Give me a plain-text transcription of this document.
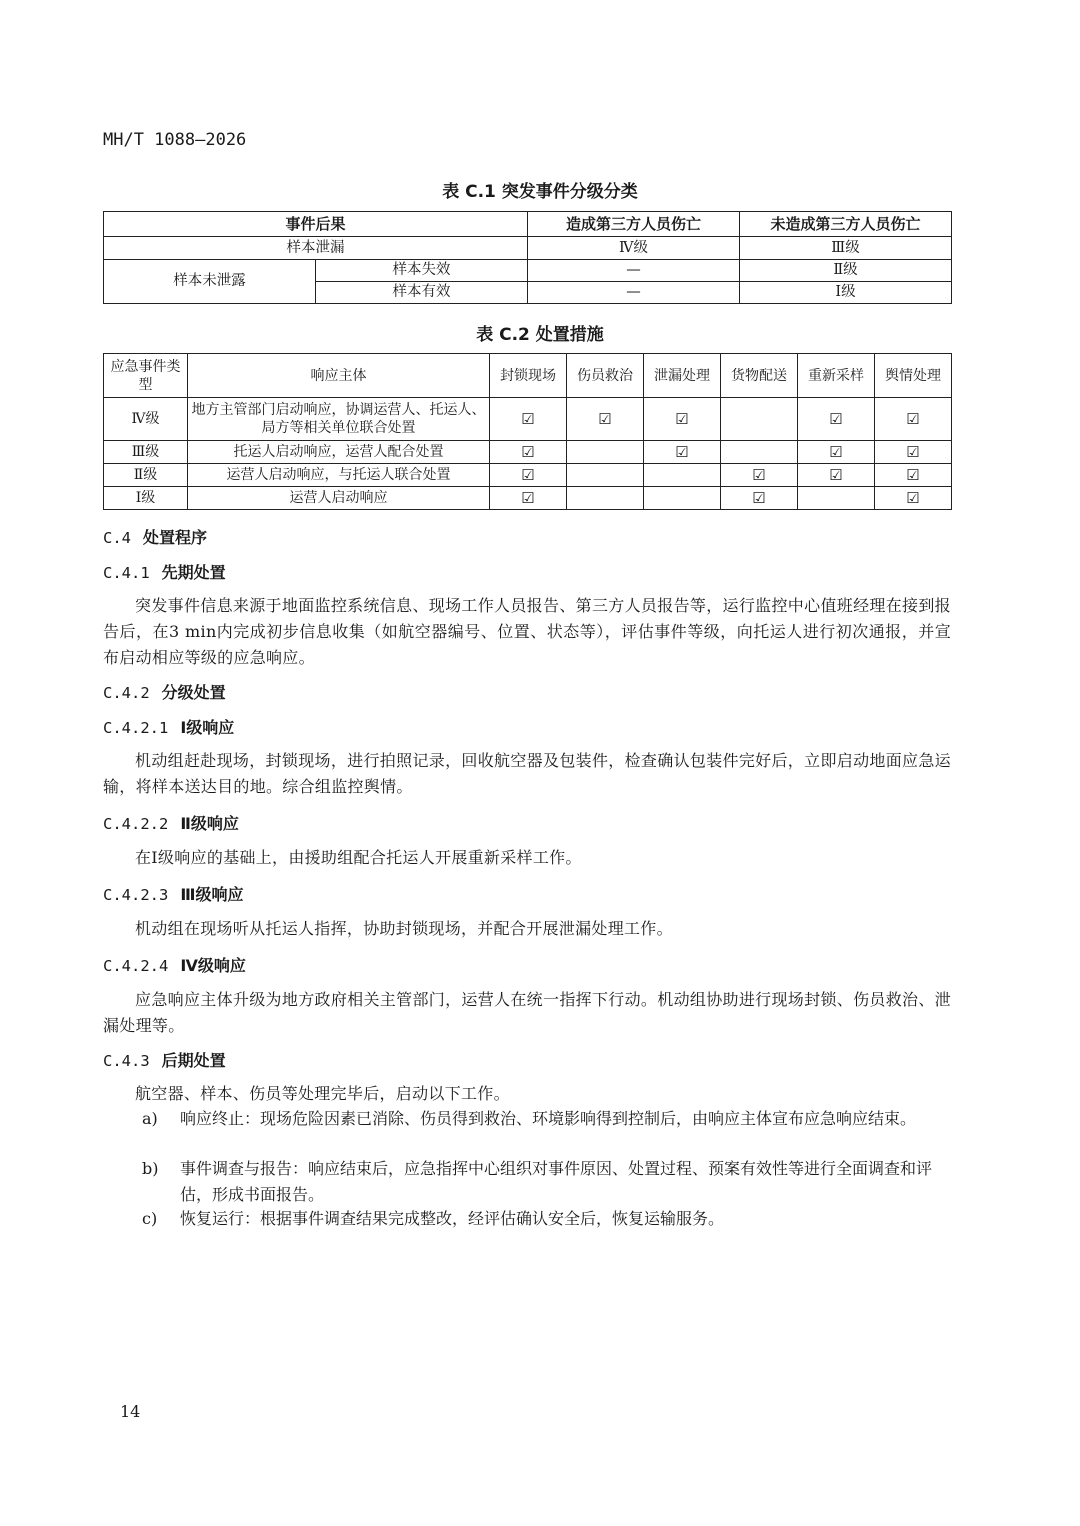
MH/T 1088—2026
表 C.1 突发事件分级分类
事件后果		造成第三方人员伤亡	未造成第三方人员伤亡
样本泄漏		Ⅳ级	Ⅲ级
样本未泄露	样本失效	—	Ⅱ级
	样本有效	—	Ⅰ级
表 C.2 处置措施
应急事件类型	响应主体	封锁现场	伤员救治	泄漏处理	货物配送	重新采样	舆情处理
Ⅳ级	地方主管部门启动响应，协调运营人、托运人、局方等相关单位联合处置	☑	☑	☑		☑	☑
Ⅲ级	托运人启动响应，运营人配合处置	☑		☑		☑	☑
Ⅱ级	运营人启动响应，与托运人联合处置	☑			☑	☑	☑
Ⅰ级	运营人启动响应	☑			☑		☑
C.4 处置程序
C.4.1 先期处置
突发事件信息来源于地面监控系统信息、现场工作人员报告、第三方人员报告等，运行监控中心值班经理在接到报告后，在3 min内完成初步信息收集（如航空器编号、位置、状态等），评估事件等级，向托运人进行初次通报，并宣布启动相应等级的应急响应。
C.4.2 分级处置
C.4.2.1 Ⅰ级响应
机动组赶赴现场，封锁现场，进行拍照记录，回收航空器及包装件，检查确认包装件完好后，立即启动地面应急运输，将样本送达目的地。综合组监控舆情。
C.4.2.2 Ⅱ级响应
在Ⅰ级响应的基础上，由援助组配合托运人开展重新采样工作。
C.4.2.3 Ⅲ级响应
机动组在现场听从托运人指挥，协助封锁现场，并配合开展泄漏处理工作。
C.4.2.4 Ⅳ级响应
应急响应主体升级为地方政府相关主管部门，运营人在统一指挥下行动。机动组协助进行现场封锁、伤员救治、泄漏处理等。
C.4.3 后期处置
航空器、样本、伤员等处理完毕后，启动以下工作。
a)	响应终止：现场危险因素已消除、伤员得到救治、环境影响得到控制后，由响应主体宣布应急响应结束。
b)	事件调查与报告：响应结束后，应急指挥中心组织对事件原因、处置过程、预案有效性等进行全面调查和评估，形成书面报告。
c)	恢复运行：根据事件调查结果完成整改，经评估确认安全后，恢复运输服务。
14
